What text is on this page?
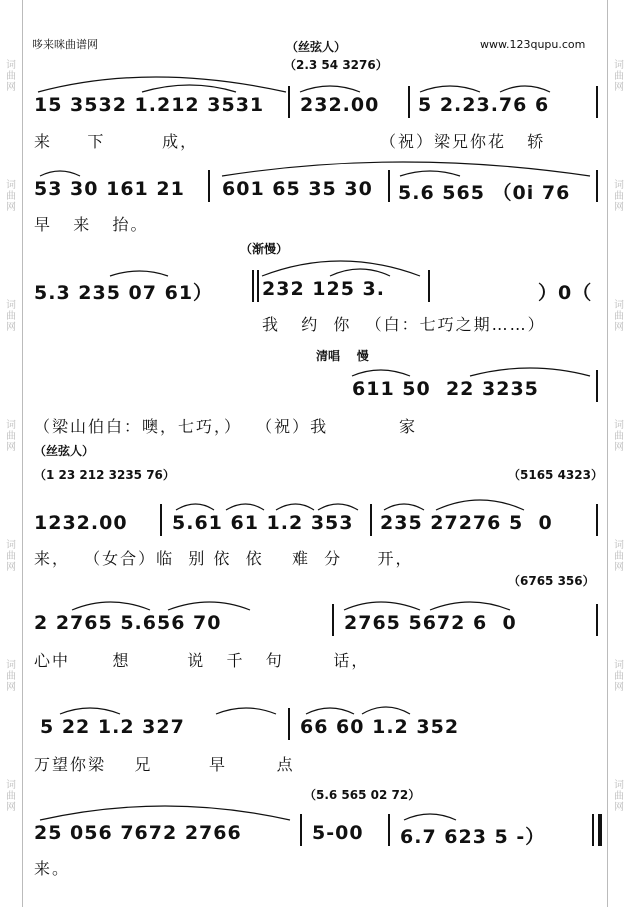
词曲网
词曲网
词曲网
词曲网
词曲网
词曲网
词曲网
词曲网
词曲网
词曲网
词曲网
词曲网
词曲网
词曲网
哆来咪曲谱网	www.123qupu.com
（丝弦人）
（2.3 54 3276）
15 3532 1.212 3531 232.00 5 2.23.76 6
来     下        成，	（祝）梁兄你花   轿
53 30 161 21 601 65 35 30 5.6 565 （0i 76
早   来   抬。
（渐慢）
5.3 235 07 61）	232 125 3.	）0（
我   约  你  （白：七巧之期……）
清唱    慢
611 50  22 3235
（梁山伯白：噢，七巧，）  （祝）我          家
（丝弦人）
（1 23 212 3235 76）	（5165 4323）
1232.00 5.61 61 1.2 353 235 27276 5  0
来，  （女合）临  别 依  依    难  分     开，
（6765 356）
2 2765 5.656 70	2765 5672 6  0
心中      想        说   千   句       话，
5 22 1.2 327	66 60 1.2 352
万望你梁    兄        早       点
（5.6 565 02 72）
25 056 7672 2766	5-00 6.7 623 5 -）
来。
